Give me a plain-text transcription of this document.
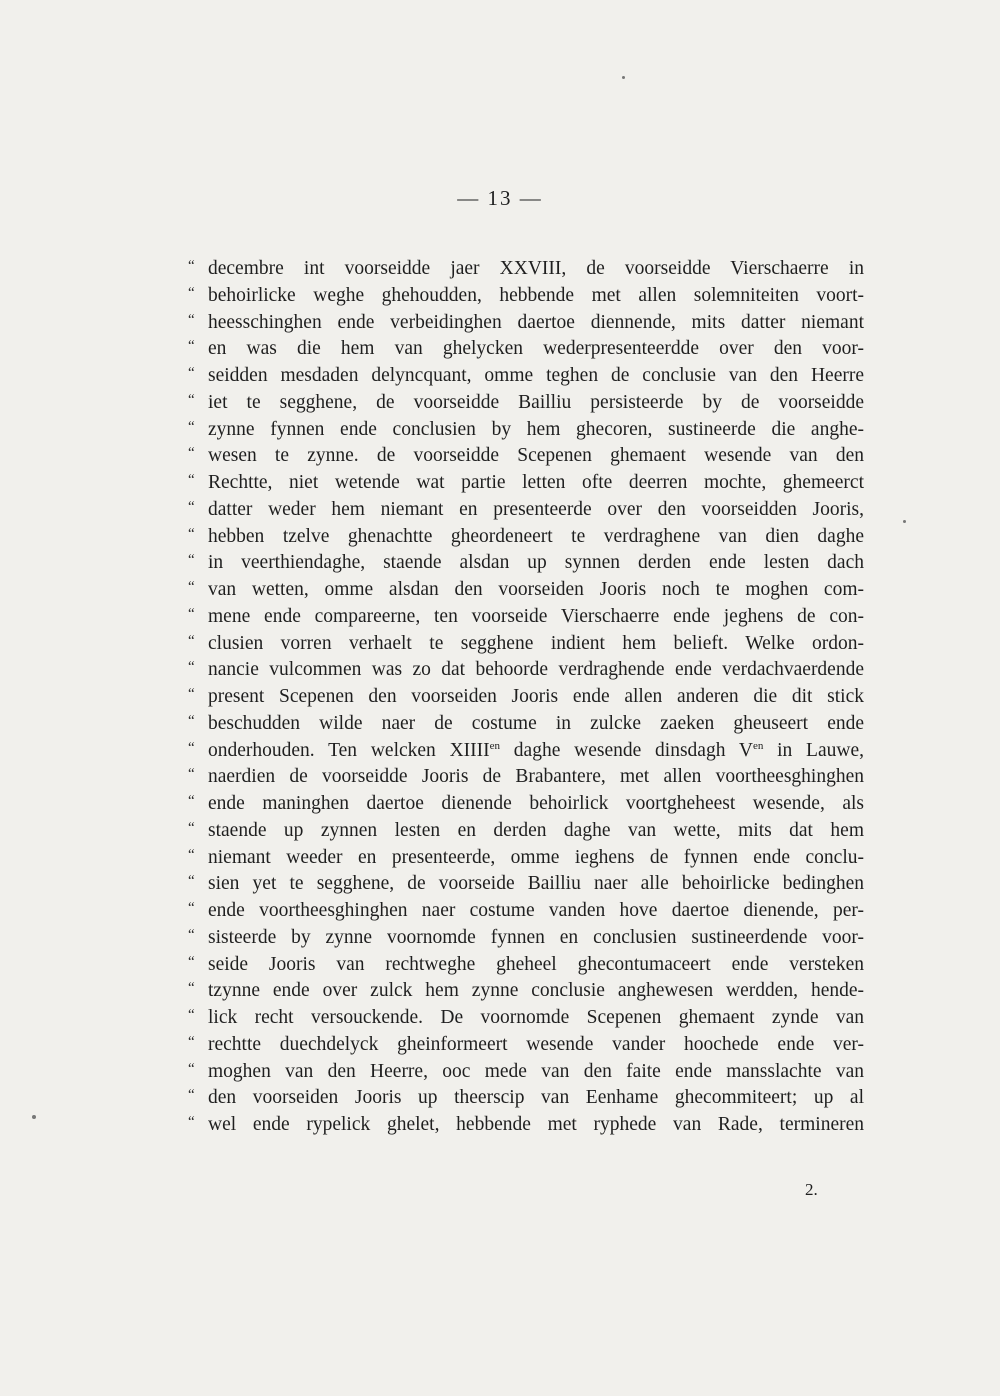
— 13 —
“ decembre int voorseidde jaer XXVIII, de voorseidde Vierschaerre in
“ behoirlicke weghe ghehoudden, hebbende met allen solemniteiten voort-
“ heesschinghen ende verbeidinghen daertoe diennende, mits datter niemant
“ en was die hem van ghelycken wederpresenteerdde over den voor-
“ seidden mesdaden delyncquant, omme teghen de conclusie van den Heerre
“ iet te segghene, de voorseidde Bailliu persisteerde by de voorseidde
“ zynne fynnen ende conclusien by hem ghecoren, sustineerde die anghe-
“ wesen te zynne. de voorseidde Scepenen ghemaent wesende van den
“ Rechtte, niet wetende wat partie letten ofte deerren mochte, ghemeerct
“ datter weder hem niemant en presenteerde over den voorseidden Jooris,
“ hebben tzelve ghenachtte gheordeneert te verdraghene van dien daghe
“ in veerthiendaghe, staende alsdan up synnen derden ende lesten dach
“ van wetten, omme alsdan den voorseiden Jooris noch te moghen com-
“ mene ende compareerne, ten voorseide Vierschaerre ende jeghens de con-
“ clusien vorren verhaelt te segghene indient hem belieft. Welke ordon-
“ nancie vulcommen was zo dat behoorde verdraghende ende verdachvaerdende
“ present Scepenen den voorseiden Jooris ende allen anderen die dit stick
“ beschudden wilde naer de costume in zulcke zaeken gheuseert ende
“ onderhouden. Ten welcken $XIIII^{en}$ daghe wesende dinsdagh $V^{en}$ in Lauwe,
“ naerdien de voorseidde Jooris de Brabantere, met allen voortheesghinghen
“ ende maninghen daertoe dienende behoirlick voortgheheest wesende, als
“ staende up zynnen lesten en derden daghe van wette, mits dat hem
“ niemant weeder en presenteerde, omme ieghens de fynnen ende conclu-
“ sien yet te segghene, de voorseide Bailliu naer alle behoirlicke bedinghen
“ ende voortheesghinghen naer costume vanden hove daertoe dienende, per-
“ sisteerde by zynne voornomde fynnen en conclusien sustineerdende voor-
“ seide Jooris van rechtweghe gheheel ghecontumaceert ende versteken
“ tzynne ende over zulck hem zynne conclusie anghewesen werdden, hende-
“ lick recht versouckende. De voornomde Scepenen ghemaent zynde van
“ rechtte duechdelyck gheinformeert wesende vander hoochede ende ver-
“ moghen van den Heerre, ooc mede van den faite ende mansslachte van
“ den voorseiden Jooris up theerscip van Eenhame ghecommiteert; up al
“ wel ende rypelick ghelet, hebbende met ryphede van Rade, termineren
2.
